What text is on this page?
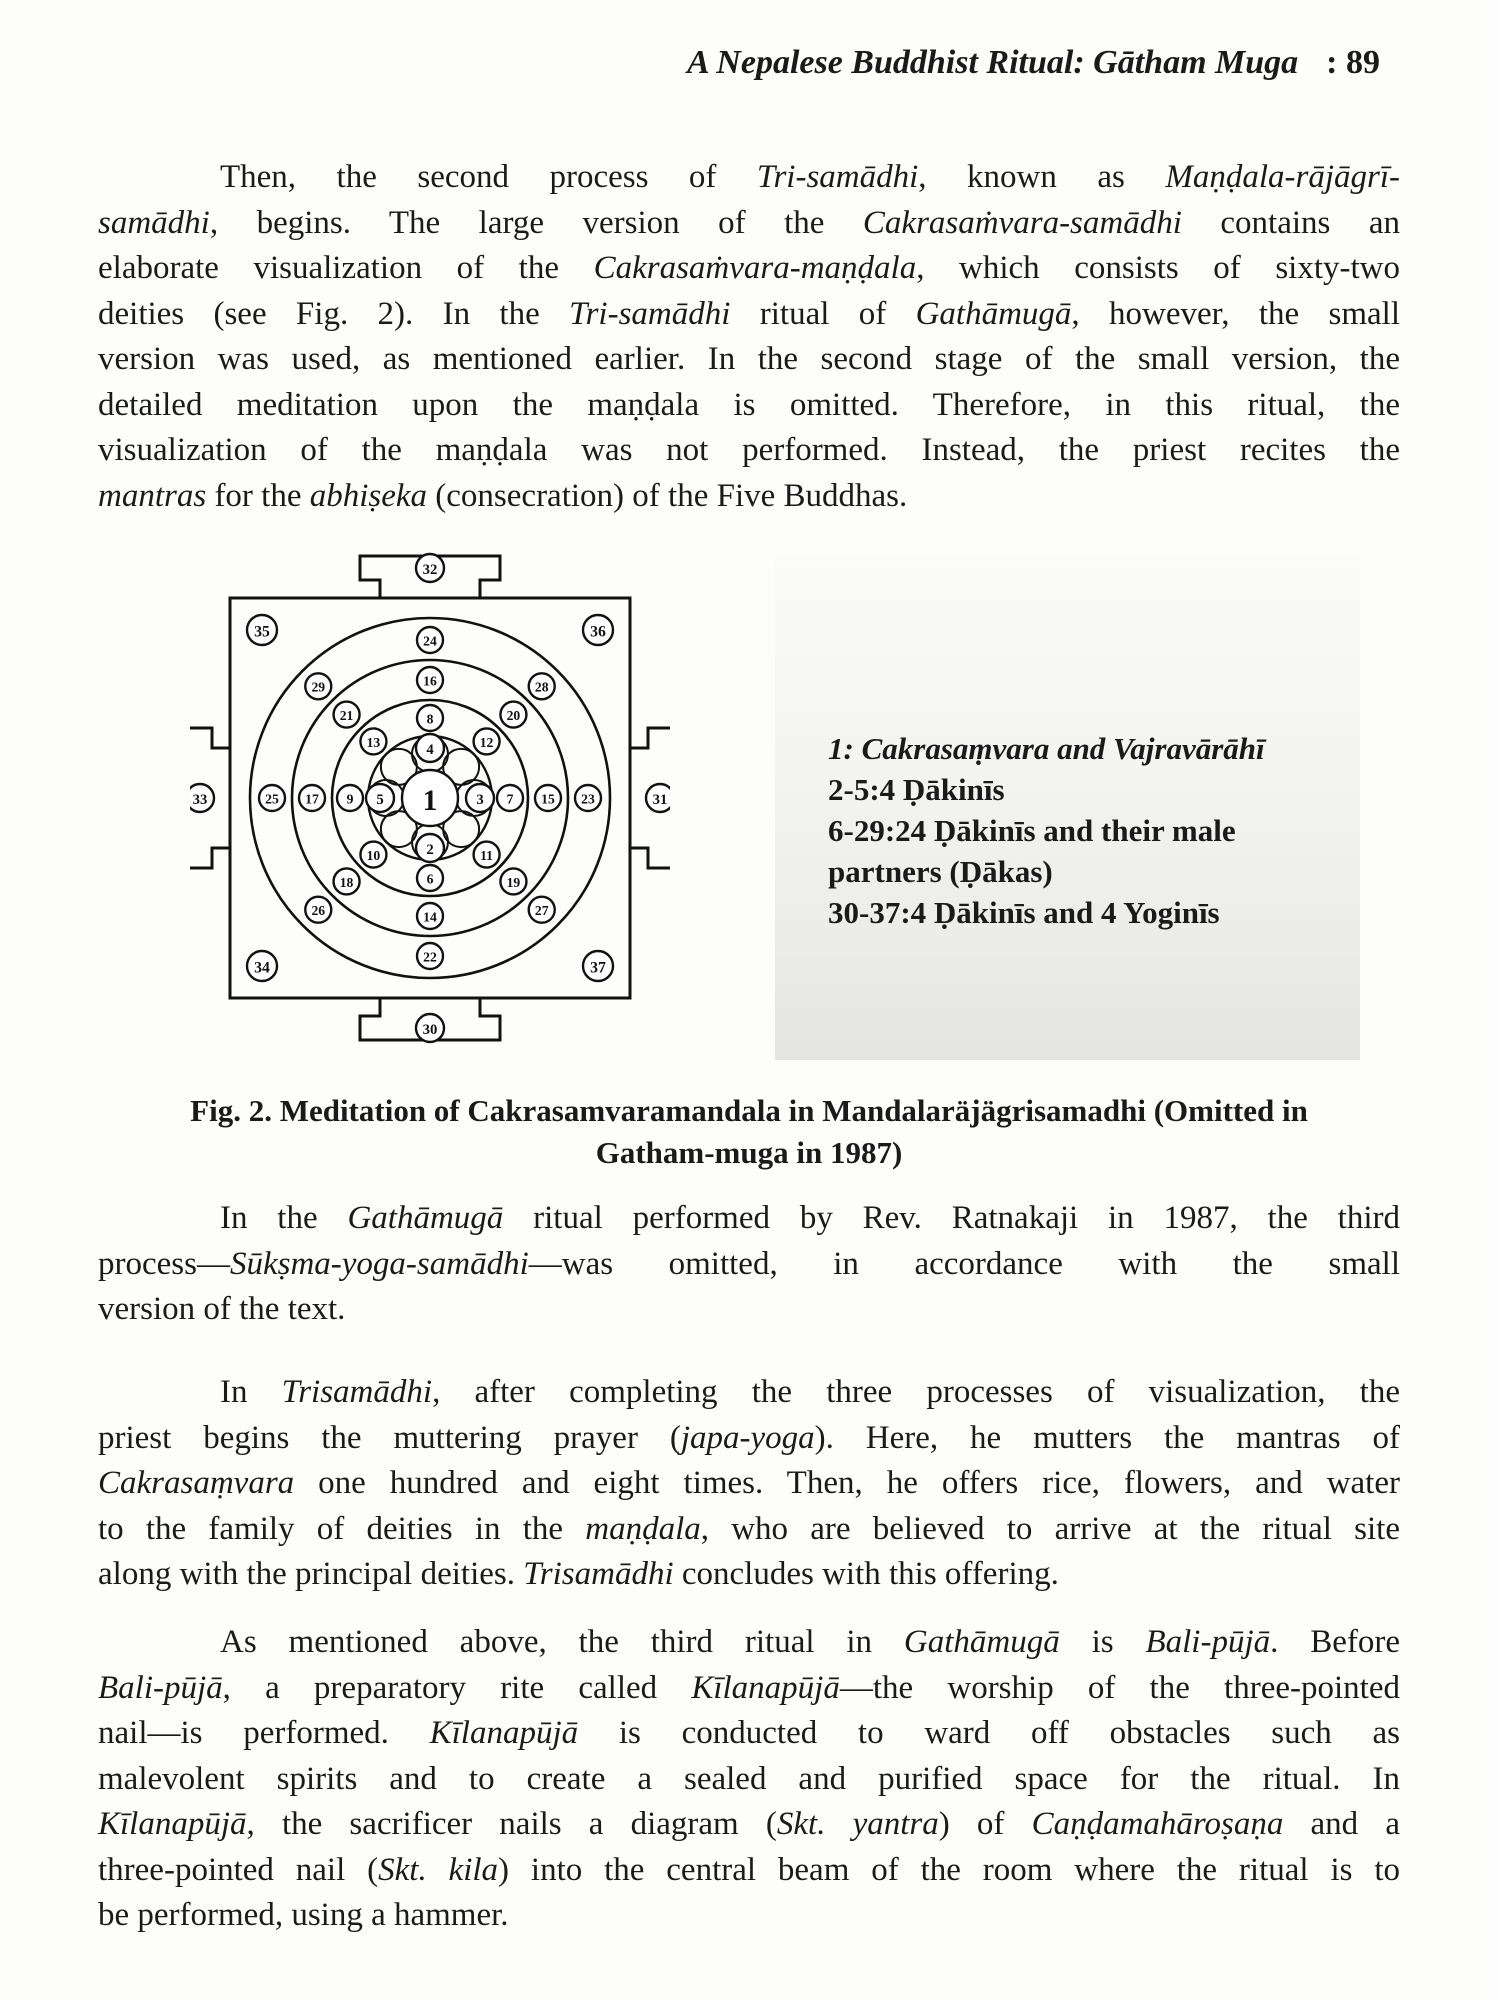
A Nepalese Buddhist Ritual: Gātham Muga : 89
Then, the second process of Tri-samādhi, known as Maṇḍala-rājāgrī-
samādhi, begins. The large version of the Cakrasaṁvara-samādhi contains an
elaborate visualization of the Cakrasaṁvara-maṇḍala, which consists of sixty-two
deities (see Fig. 2). In the Tri-samādhi ritual of Gathāmugā, however, the small
version was used, as mentioned earlier. In the second stage of the small version, the
detailed meditation upon the maṇḍala is omitted. Therefore, in this ritual, the
visualization of the maṇḍala was not performed. Instead, the priest recites the
mantras for the abhiṣeka (consecration) of the Five Buddhas.
1
2
3
4
5
6
7
8
9
10	11
12
13
14
15
16
17
18	19
20
21
22
23
24
25
26	27
28
29
30
31
32
33
34
35	36
37
1: Cakrasaṃvara and Vajravārāhī
2-5:4 Ḍākinīs
6-29:24 Ḍākinīs and their male
partners (Ḍākas)
30-37:4 Ḍākinīs and 4 Yoginīs
Fig. 2. Meditation of Cakrasamvaramandala in Mandalaräjägrisamadhi (Omitted in
Gatham-muga in 1987)
In the Gathāmugā ritual performed by Rev. Ratnakaji in 1987, the third
process—Sūkṣma-yoga-samādhi—was omitted, in accordance with the small
version of the text.
In Trisamādhi, after completing the three processes of visualization, the
priest begins the muttering prayer (japa-yoga). Here, he mutters the mantras of
Cakrasaṃvara one hundred and eight times. Then, he offers rice, flowers, and water
to the family of deities in the maṇḍala, who are believed to arrive at the ritual site
along with the principal deities. Trisamādhi concludes with this offering.
As mentioned above, the third ritual in Gathāmugā is Bali-pūjā. Before
Bali-pūjā, a preparatory rite called Kīlanapūjā—the worship of the three-pointed
nail—is performed. Kīlanapūjā is conducted to ward off obstacles such as
malevolent spirits and to create a sealed and purified space for the ritual. In
Kīlanapūjā, the sacrificer nails a diagram (Skt. yantra) of Caṇḍamahāroṣaṇa and a
three-pointed nail (Skt. kila) into the central beam of the room where the ritual is to
be performed, using a hammer.
